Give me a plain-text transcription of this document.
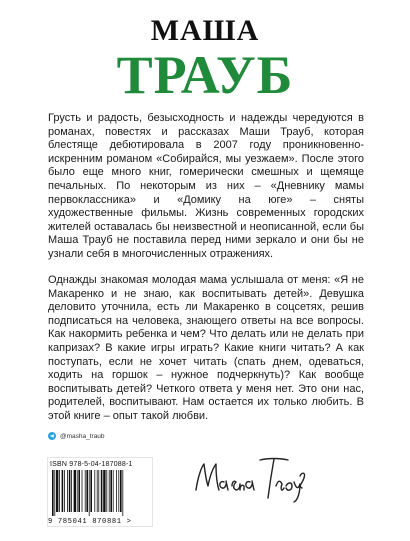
МАША
ТРАУБ

Грусть и радость, безысходность и надежды чередуются в романах, повестях и рассказах Маши Трауб, которая блестяще дебютировала в 2007 году проникновенно-искренним романом «Собирайся, мы уезжаем». После этого было еще много книг, гомерически смешных и щемяще печальных. По некоторым из них – «Дневнику мамы первоклассника» и «Домику на юге» – сняты художественные фильмы. Жизнь современных городских жителей оставалась бы неизвестной и неописанной, если бы Маша Трауб не поставила перед ними зеркало и они бы не узнали себя в многочисленных отражениях.

Однажды знакомая молодая мама услышала от меня: «Я не Макаренко и не знаю, как воспитывать детей». Девушка деловито уточнила, есть ли Макаренко в соцсетях, решив подписаться на человека, знающего ответы на все вопросы. Как накормить ребенка и чем? Что делать или не делать при капризах? В какие игры играть? Какие книги читать? А как поступать, если не хочет читать (спать днем, одеваться, ходить на горшок – нужное подчеркнуть)? Как вообще воспитывать детей? Четкого ответа у меня нет. Это они нас, родителей, воспитывают. Нам остается их только любить. В этой книге – опыт такой любви.

@masha_traub
ISBN 978-5-04-187088-1
9 785041 870881 >
